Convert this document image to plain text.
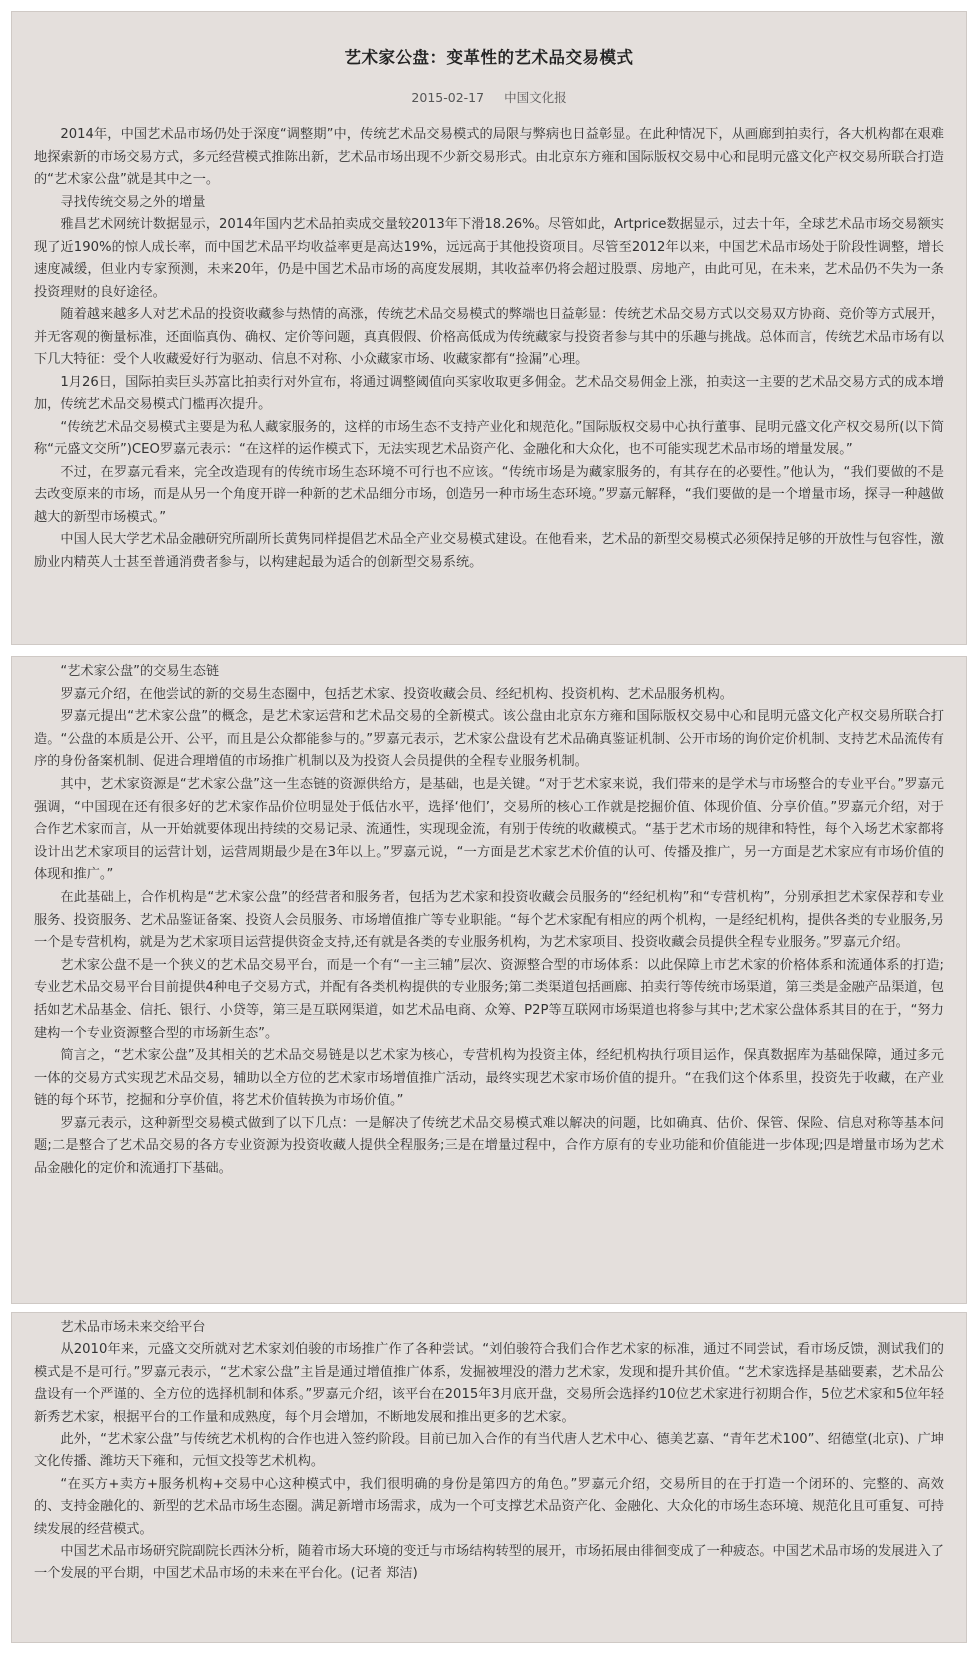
艺术家公盘：变革性的艺术品交易模式
2015-02-17 中国文化报

2014年，中国艺术品市场仍处于深度“调整期”中，传统艺术品交易模式的局限与弊病也日益彰显。在此种情况下，从画廊到拍卖行，各大机构都在艰难地探索新的市场交易方式，多元经营模式推陈出新，艺术品市场出现不少新交易形式。由北京东方雍和国际版权交易中心和昆明元盛文化产权交易所联合打造的“艺术家公盘”就是其中之一。

寻找传统交易之外的增量

雅昌艺术网统计数据显示，2014年国内艺术品拍卖成交量较2013年下滑18.26%。尽管如此，Artprice数据显示，过去十年，全球艺术品市场交易额实现了近190%的惊人成长率，而中国艺术品平均收益率更是高达19%，远远高于其他投资项目。尽管至2012年以来，中国艺术品市场处于阶段性调整，增长速度减缓，但业内专家预测，未来20年，仍是中国艺术品市场的高度发展期，其收益率仍将会超过股票、房地产，由此可见，在未来，艺术品仍不失为一条投资理财的良好途径。

随着越来越多人对艺术品的投资收藏参与热情的高涨，传统艺术品交易模式的弊端也日益彰显：传统艺术品交易方式以交易双方协商、竞价等方式展开，并无客观的衡量标准，还面临真伪、确权、定价等问题，真真假假、价格高低成为传统藏家与投资者参与其中的乐趣与挑战。总体而言，传统艺术品市场有以下几大特征：受个人收藏爱好行为驱动、信息不对称、小众藏家市场、收藏家都有“捡漏”心理。

1月26日，国际拍卖巨头苏富比拍卖行对外宣布，将通过调整阈值向买家收取更多佣金。艺术品交易佣金上涨，拍卖这一主要的艺术品交易方式的成本增加，传统艺术品交易模式门槛再次提升。

“传统艺术品交易模式主要是为私人藏家服务的，这样的市场生态不支持产业化和规范化。”国际版权交易中心执行董事、昆明元盛文化产权交易所(以下简称“元盛文交所”)CEO罗嘉元表示：“在这样的运作模式下，无法实现艺术品资产化、金融化和大众化，也不可能实现艺术品市场的增量发展。”

不过，在罗嘉元看来，完全改造现有的传统市场生态环境不可行也不应该。“传统市场是为藏家服务的，有其存在的必要性。”他认为，“我们要做的不是去改变原来的市场，而是从另一个角度开辟一种新的艺术品细分市场，创造另一种市场生态环境。”罗嘉元解释，“我们要做的是一个增量市场，探寻一种越做越大的新型市场模式。”

中国人民大学艺术品金融研究所副所长黄隽同样提倡艺术品全产业交易模式建设。在他看来，艺术品的新型交易模式必须保持足够的开放性与包容性，激励业内精英人士甚至普通消费者参与，以构建起最为适合的创新型交易系统。

“艺术家公盘”的交易生态链

罗嘉元介绍，在他尝试的新的交易生态圈中，包括艺术家、投资收藏会员、经纪机构、投资机构、艺术品服务机构。

罗嘉元提出“艺术家公盘”的概念，是艺术家运营和艺术品交易的全新模式。该公盘由北京东方雍和国际版权交易中心和昆明元盛文化产权交易所联合打造。“公盘的本质是公开、公平，而且是公众都能参与的。”罗嘉元表示，艺术家公盘设有艺术品确真鉴证机制、公开市场的询价定价机制、支持艺术品流传有序的身份备案机制、促进合理增值的市场推广机制以及为投资人会员提供的全程专业服务机制。

其中，艺术家资源是“艺术家公盘”这一生态链的资源供给方，是基础，也是关键。“对于艺术家来说，我们带来的是学术与市场整合的专业平台。”罗嘉元强调，“中国现在还有很多好的艺术家作品价位明显处于低估水平，选择‘他们’，交易所的核心工作就是挖掘价值、体现价值、分享价值。”罗嘉元介绍，对于合作艺术家而言，从一开始就要体现出持续的交易记录、流通性，实现现金流，有别于传统的收藏模式。“基于艺术市场的规律和特性，每个入场艺术家都将设计出艺术家项目的运营计划，运营周期最少是在3年以上。”罗嘉元说，“一方面是艺术家艺术价值的认可、传播及推广，另一方面是艺术家应有市场价值的体现和推广。”

在此基础上，合作机构是“艺术家公盘”的经营者和服务者，包括为艺术家和投资收藏会员服务的“经纪机构”和“专营机构”，分别承担艺术家保荐和专业服务、投资服务、艺术品鉴证备案、投资人会员服务、市场增值推广等专业职能。“每个艺术家配有相应的两个机构，一是经纪机构，提供各类的专业服务,另一个是专营机构，就是为艺术家项目运营提供资金支持,还有就是各类的专业服务机构，为艺术家项目、投资收藏会员提供全程专业服务。”罗嘉元介绍。

艺术家公盘不是一个狭义的艺术品交易平台，而是一个有“一主三辅”层次、资源整合型的市场体系：以此保障上市艺术家的价格体系和流通体系的打造;专业艺术品交易平台目前提供4种电子交易方式，并配有各类机构提供的专业服务;第二类渠道包括画廊、拍卖行等传统市场渠道，第三类是金融产品渠道，包括如艺术品基金、信托、银行、小贷等，第三是互联网渠道，如艺术品电商、众筹、P2P等互联网市场渠道也将参与其中;艺术家公盘体系其目的在于，“努力建构一个专业资源整合型的市场新生态”。

简言之，“艺术家公盘”及其相关的艺术品交易链是以艺术家为核心，专营机构为投资主体，经纪机构执行项目运作，保真数据库为基础保障，通过多元一体的交易方式实现艺术品交易，辅助以全方位的艺术家市场增值推广活动，最终实现艺术家市场价值的提升。“在我们这个体系里，投资先于收藏，在产业链的每个环节，挖掘和分享价值，将艺术价值转换为市场价值。”

罗嘉元表示，这种新型交易模式做到了以下几点：一是解决了传统艺术品交易模式难以解决的问题，比如确真、估价、保管、保险、信息对称等基本问题;二是整合了艺术品交易的各方专业资源为投资收藏人提供全程服务;三是在增量过程中，合作方原有的专业功能和价值能进一步体现;四是增量市场为艺术品金融化的定价和流通打下基础。

艺术品市场未来交给平台

从2010年来，元盛文交所就对艺术家刘伯骏的市场推广作了各种尝试。“刘伯骏符合我们合作艺术家的标准，通过不同尝试，看市场反馈，测试我们的模式是不是可行。”罗嘉元表示，“艺术家公盘”主旨是通过增值推广体系，发掘被埋没的潜力艺术家，发现和提升其价值。“艺术家选择是基础要素，艺术品公盘设有一个严谨的、全方位的选择机制和体系。”罗嘉元介绍，该平台在2015年3月底开盘，交易所会选择约10位艺术家进行初期合作，5位艺术家和5位年轻新秀艺术家，根据平台的工作量和成熟度，每个月会增加，不断地发展和推出更多的艺术家。

此外，“艺术家公盘”与传统艺术机构的合作也进入签约阶段。目前已加入合作的有当代唐人艺术中心、德美艺嘉、“青年艺术100”、绍德堂(北京)、广坤文化传播、潍坊天下雍和，元恒文投等艺术机构。

“在买方+卖方+服务机构+交易中心这种模式中，我们很明确的身份是第四方的角色。”罗嘉元介绍，交易所目的在于打造一个闭环的、完整的、高效的、支持金融化的、新型的艺术品市场生态圈。满足新增市场需求，成为一个可支撑艺术品资产化、金融化、大众化的市场生态环境、规范化且可重复、可持续发展的经营模式。

中国艺术品市场研究院副院长西沐分析，随着市场大环境的变迁与市场结构转型的展开，市场拓展由徘徊变成了一种疲态。中国艺术品市场的发展进入了一个发展的平台期，中国艺术品市场的未来在平台化。(记者 郑洁)
